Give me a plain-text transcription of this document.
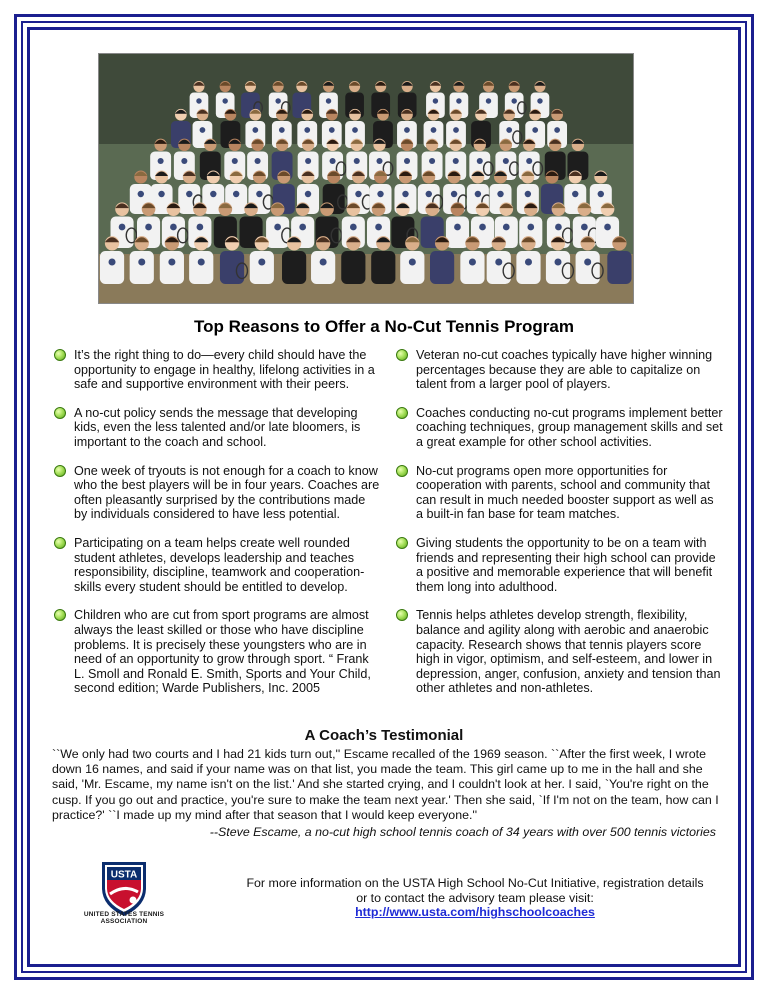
Top Reasons to Offer a No-Cut Tennis Program
It’s the right thing to do—every child should have the opportunity to engage in healthy, lifelong activities in a safe and supportive environment with their peers.
Veteran no-cut coaches typically have higher winning percentages because they are able to capitalize on talent from a larger pool of players.
A no-cut policy sends the message that developing kids, even the less talented and/or late bloomers, is important to the coach and school.
Coaches conducting no-cut programs implement better coaching techniques, group management skills and set a great example for other school activities.
One week of tryouts is not enough for a coach to know who the best players will be in four years. Coaches are often pleasantly surprised by the contributions made by individuals considered to have less potential.
No-cut programs open more opportunities for cooperation with parents, school and community that can result in much needed booster support as well as a built-in fan base for team matches.
Participating on a team helps create well rounded student athletes, develops leadership and teaches responsibility, discipline, teamwork and cooperation-skills every student should be entitled to develop.
Giving students the opportunity to be on a team with friends and representing their high school can provide a positive and memorable experience that will benefit them long into adulthood.
Children who are cut from sport programs are almost always the least skilled or those who have discipline problems. It is precisely these youngsters who are in need of an opportunity to grow through sport. “ Frank L. Smoll and Ronald E. Smith, Sports and Your Child, second edition; Warde Publishers, Inc. 2005
Tennis helps athletes develop strength, flexibility, balance and agility along with aerobic and anaerobic capacity. Research shows that tennis players score high in vigor, optimism, and self-esteem, and lower in depression, anger, confusion, anxiety and tension than other athletes and non-athletes.
A Coach’s Testimonial
``We only had two courts and I had 21 kids turn out,'' Escame recalled of the 1969 season. ``After the first week, I wrote down 16 names, and said if your name was on that list, you made the team. This girl came up to me in the hall and she said, 'Mr. Escame, my name isn't on the list.' And she started crying, and I couldn't look at her. I said, `You're right on the cusp. If you go out and practice, you're sure to make the team next year.' Then she said, `If I'm not on the team, how can I practice?' ``I made up my mind after that season that I would keep everyone.''
--Steve Escame, a no-cut high school tennis coach of 34 years with over 500 tennis victories
USTA
UNITED STATES TENNIS ASSOCIATION
For more information on the USTA High School No-Cut Initiative, registration details or to contact the advisory team please visit:
http://www.usta.com/highschoolcoaches
